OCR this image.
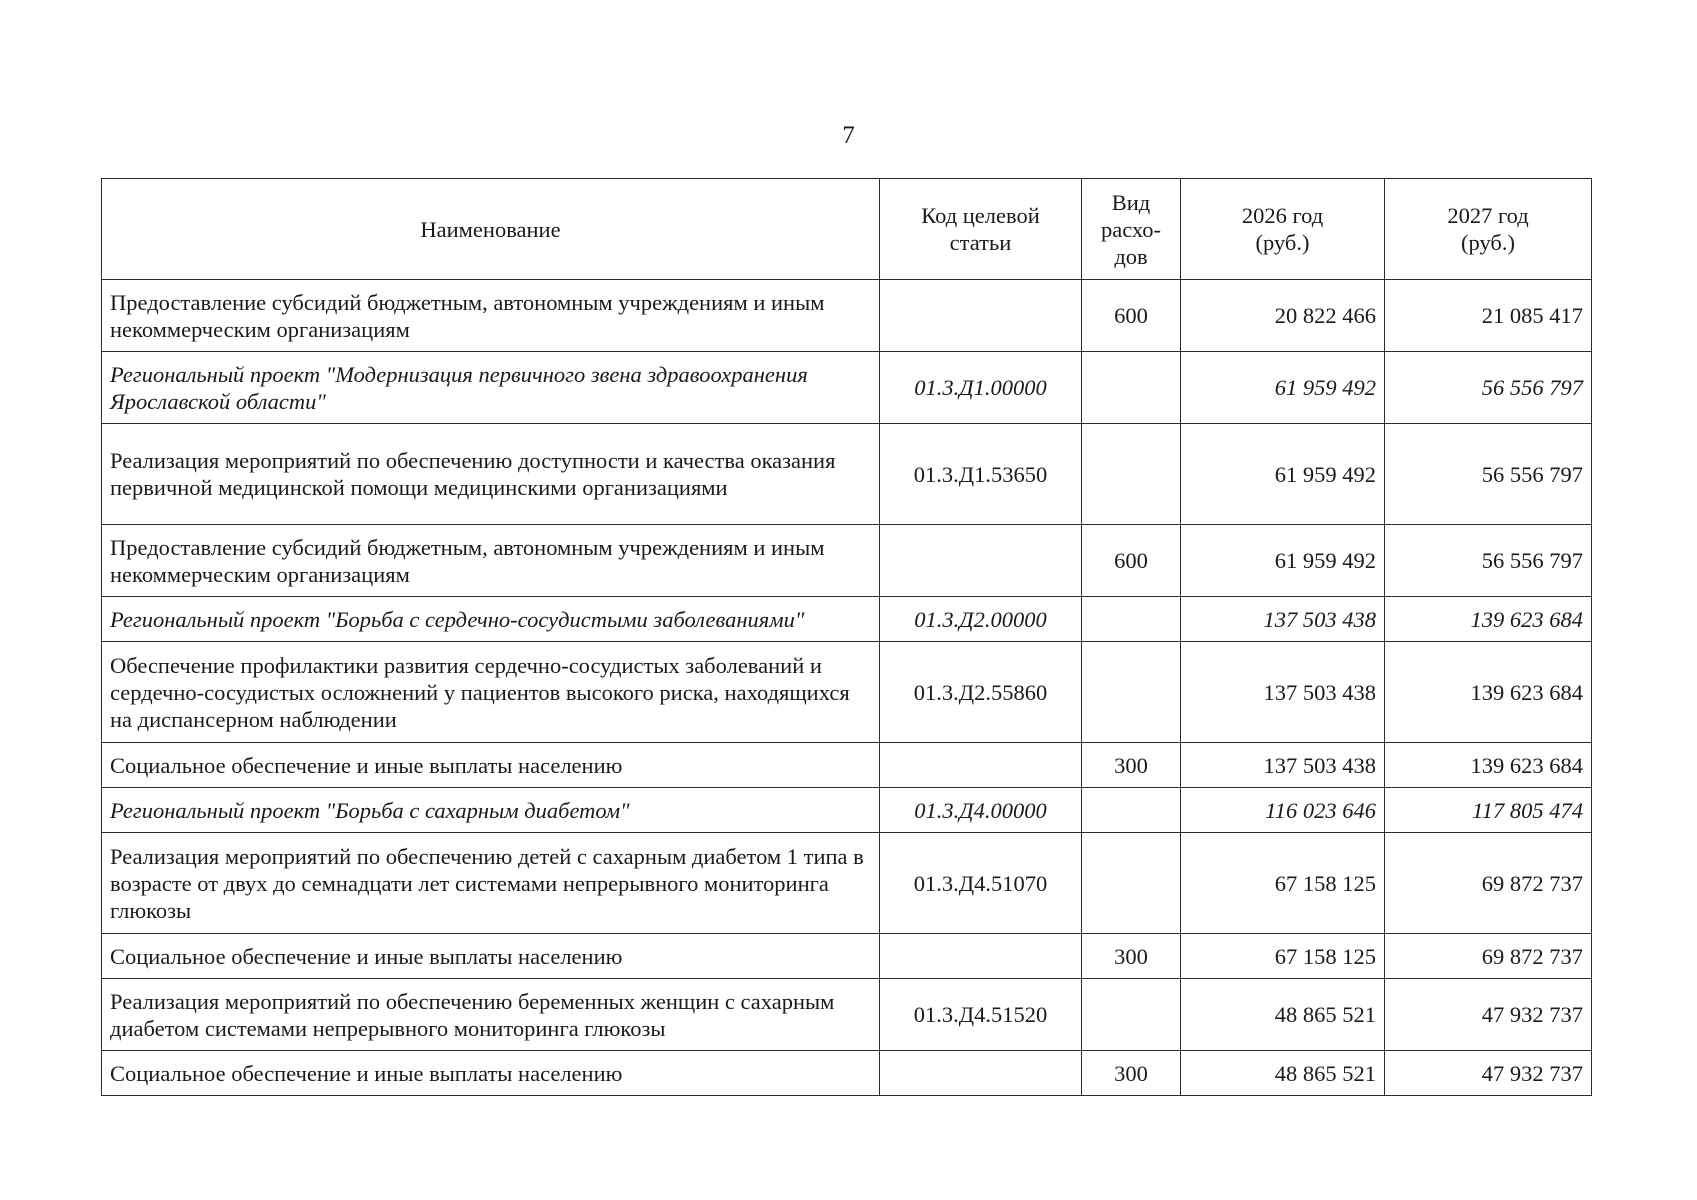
7
Наименование	Код целевой статьи	Вид расхо-дов	2026 год (руб.)	2027 год (руб.)
Предоставление субсидий бюджетным, автономным учреждениям и иным некоммерческим организациям		600	20 822 466	21 085 417
Региональный проект "Модернизация первичного звена здравоохранения Ярославской области"	01.3.Д1.00000		61 959 492	56 556 797
Реализация мероприятий по обеспечению доступности и качества оказания первичной медицинской помощи медицинскими организациями	01.3.Д1.53650		61 959 492	56 556 797
Предоставление субсидий бюджетным, автономным учреждениям и иным некоммерческим организациям		600	61 959 492	56 556 797
Региональный проект "Борьба с сердечно-сосудистыми заболеваниями"	01.3.Д2.00000		137 503 438	139 623 684
Обеспечение профилактики развития сердечно-сосудистых заболеваний и сердечно-сосудистых осложнений у пациентов высокого риска, находящихся на диспансерном наблюдении	01.3.Д2.55860		137 503 438	139 623 684
Социальное обеспечение и иные выплаты населению		300	137 503 438	139 623 684
Региональный проект "Борьба с сахарным диабетом"	01.3.Д4.00000		116 023 646	117 805 474
Реализация мероприятий по обеспечению детей с сахарным диабетом 1 типа в возрасте от двух до семнадцати лет системами непрерывного мониторинга глюкозы	01.3.Д4.51070		67 158 125	69 872 737
Социальное обеспечение и иные выплаты населению		300	67 158 125	69 872 737
Реализация мероприятий по обеспечению беременных женщин с сахарным диабетом системами непрерывного мониторинга глюкозы	01.3.Д4.51520		48 865 521	47 932 737
Социальное обеспечение и иные выплаты населению		300	48 865 521	47 932 737
